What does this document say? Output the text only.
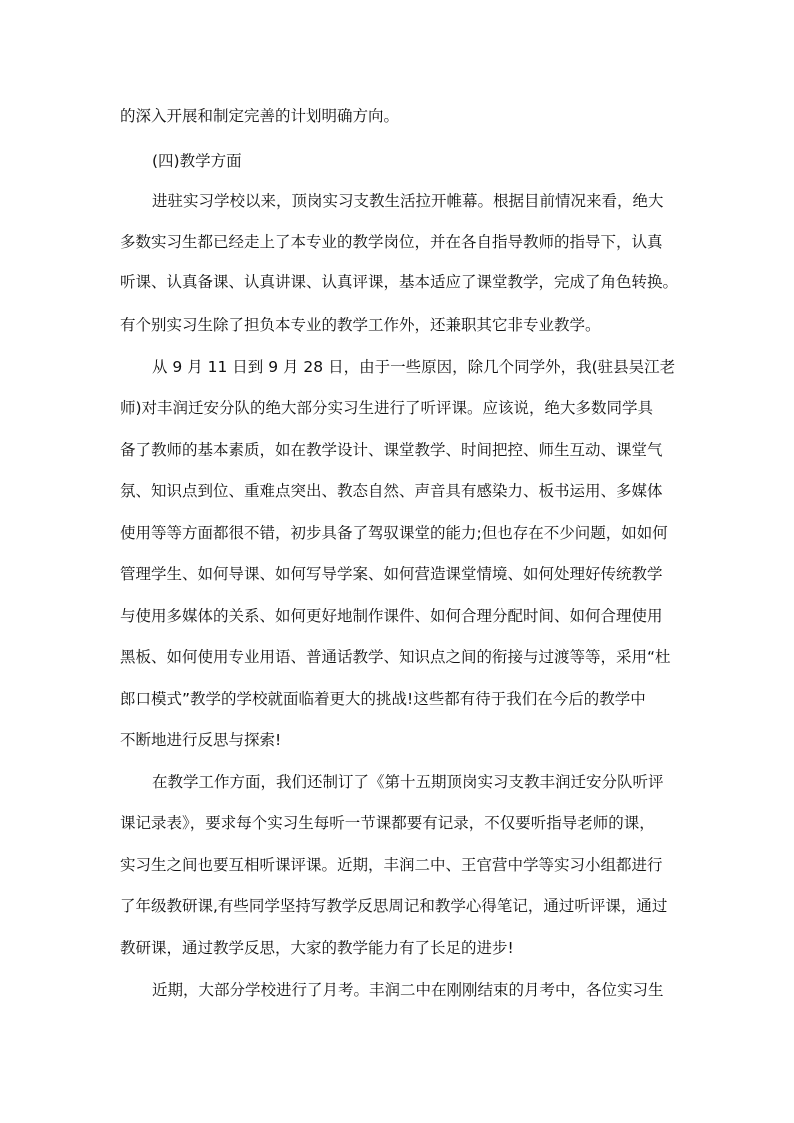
的深入开展和制定完善的计划明确方向。
(四)教学方面
进驻实习学校以来，顶岗实习支教生活拉开帷幕。根据目前情况来看，绝大
多数实习生都已经走上了本专业的教学岗位，并在各自指导教师的指导下，认真
听课、认真备课、认真讲课、认真评课，基本适应了课堂教学，完成了角色转换。
有个别实习生除了担负本专业的教学工作外，还兼职其它非专业教学。
从 9 月 11 日到 9 月 28 日，由于一些原因，除几个同学外，我(驻县吴江老
师)对丰润迁安分队的绝大部分实习生进行了听评课。应该说，绝大多数同学具
备了教师的基本素质，如在教学设计、课堂教学、时间把控、师生互动、课堂气
氛、知识点到位、重难点突出、教态自然、声音具有感染力、板书运用、多媒体
使用等等方面都很不错，初步具备了驾驭课堂的能力;但也存在不少问题，如如何
管理学生、如何导课、如何写导学案、如何营造课堂情境、如何处理好传统教学
与使用多媒体的关系、如何更好地制作课件、如何合理分配时间、如何合理使用
黑板、如何使用专业用语、普通话教学、知识点之间的衔接与过渡等等，采用“杜
郎口模式”教学的学校就面临着更大的挑战!这些都有待于我们在今后的教学中
不断地进行反思与探索!
在教学工作方面，我们还制订了《第十五期顶岗实习支教丰润迁安分队听评
课记录表》，要求每个实习生每听一节课都要有记录，不仅要听指导老师的课，
实习生之间也要互相听课评课。近期，丰润二中、王官营中学等实习小组都进行
了年级教研课,有些同学坚持写教学反思周记和教学心得笔记，通过听评课，通过
教研课，通过教学反思，大家的教学能力有了长足的进步!
近期，大部分学校进行了月考。丰润二中在刚刚结束的月考中，各位实习生
